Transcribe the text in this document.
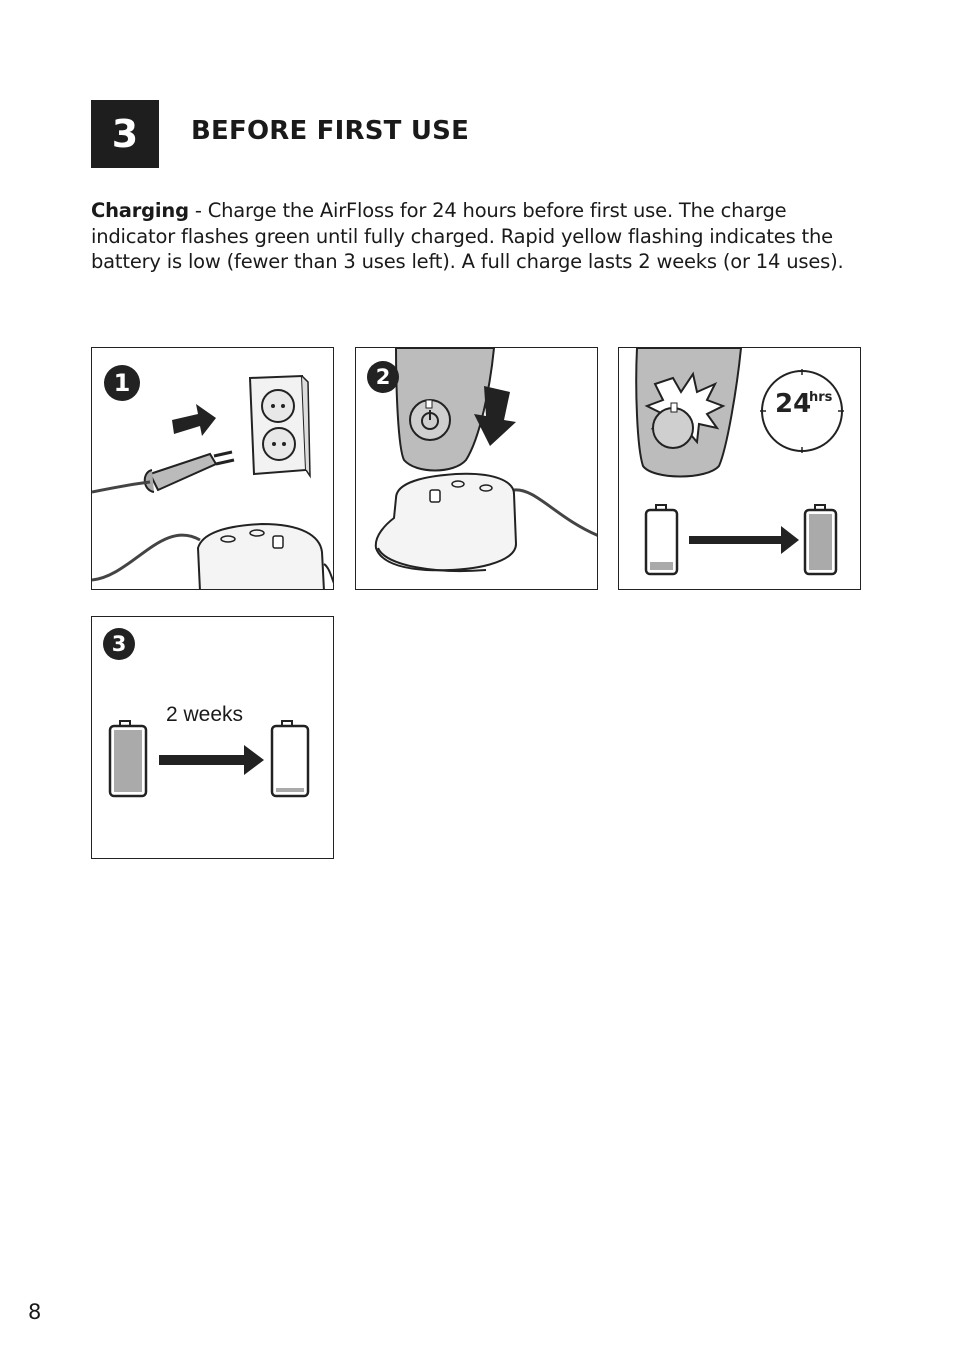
3	BEFORE FIRST USE
Charging - Charge the AirFloss for 24 hours before first use. The charge indicator flashes green until fully charged. Rapid yellow flashing indicates the battery is low (fewer than 3 uses left). A full charge lasts 2 weeks (or 14 uses).
1	2
24
hrs
3
2 weeks
8
